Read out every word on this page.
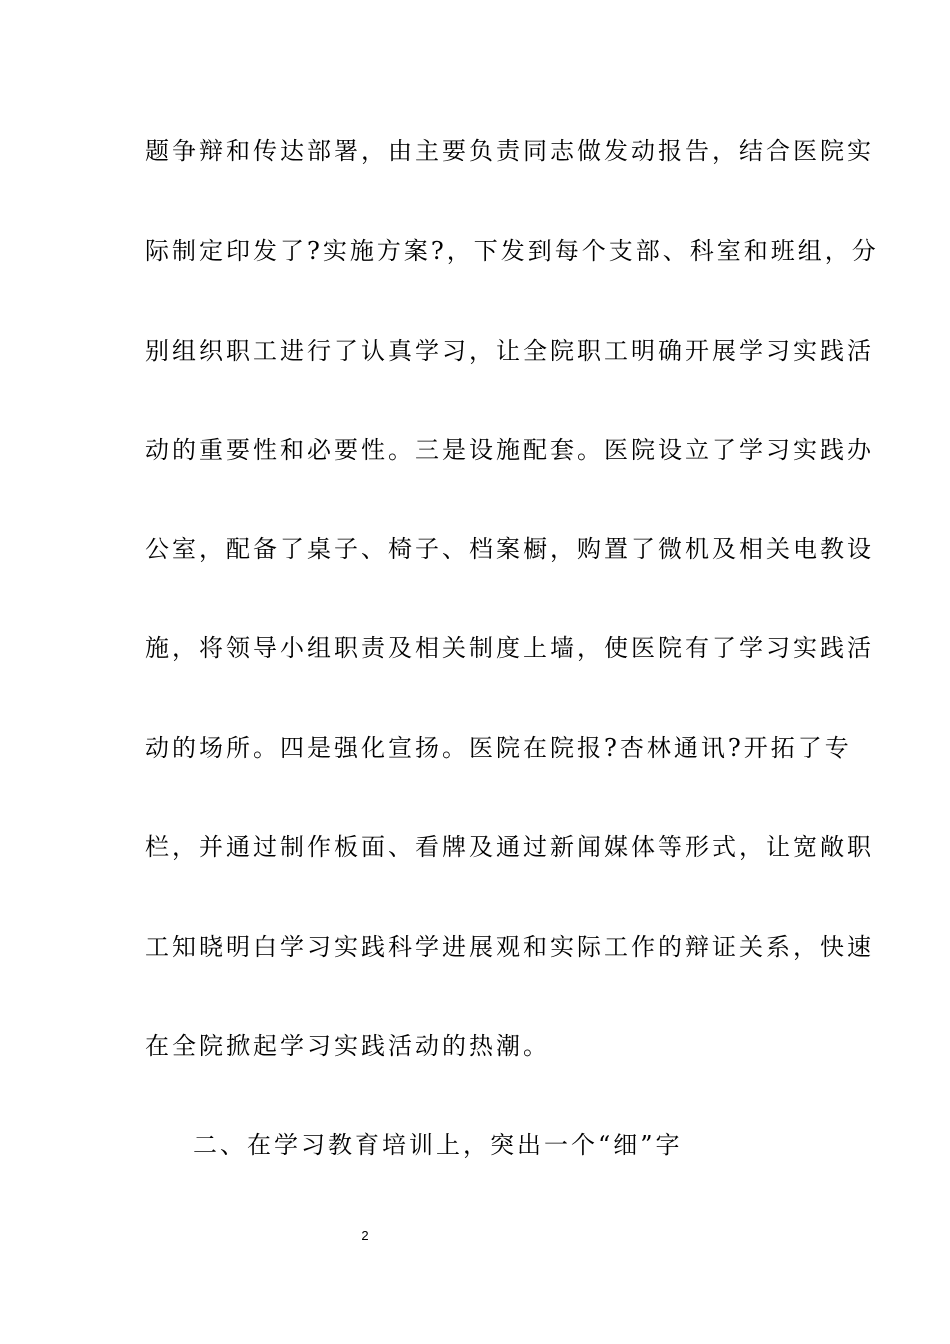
题争辩和传达部署，由主要负责同志做发动报告，结合医院实
际制定印发了?实施方案?，下发到每个支部、科室和班组，分
别组织职工进行了认真学习，让全院职工明确开展学习实践活
动的重要性和必要性。三是设施配套。医院设立了学习实践办
公室，配备了桌子、椅子、档案橱，购置了微机及相关电教设
施，将领导小组职责及相关制度上墙，使医院有了学习实践活
动的场所。四是强化宣扬。医院在院报?杏林通讯?开拓了专
栏，并通过制作板面、看牌及通过新闻媒体等形式，让宽敞职
工知晓明白学习实践科学进展观和实际工作的辩证关系，快速
在全院掀起学习实践活动的热潮。
二、在学习教育培训上，突出一个“细”字
2
